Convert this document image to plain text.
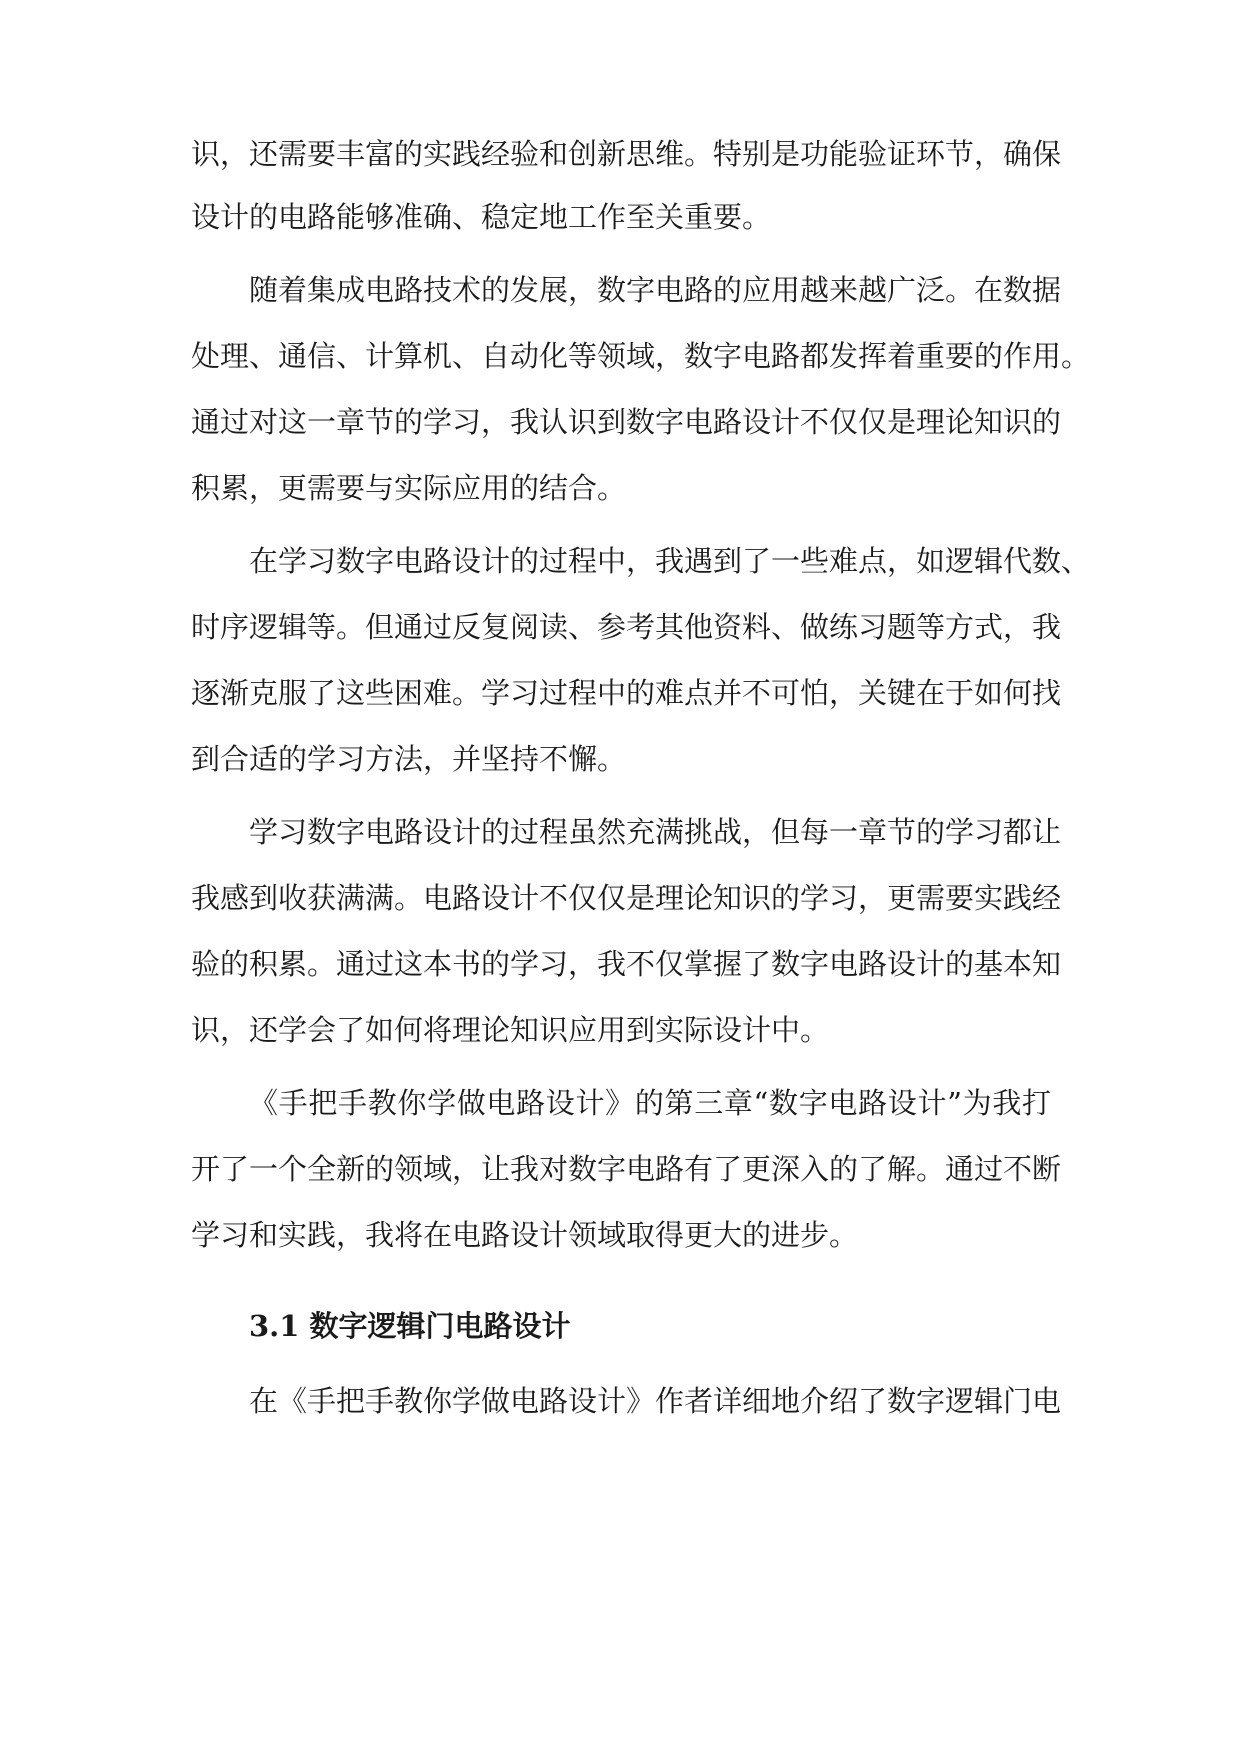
识，还需要丰富的实践经验和创新思维。特别是功能验证环节，确保
设计的电路能够准确、稳定地工作至关重要。
随着集成电路技术的发展，数字电路的应用越来越广泛。在数据
处理、通信、计算机、自动化等领域，数字电路都发挥着重要的作用。
通过对这一章节的学习，我认识到数字电路设计不仅仅是理论知识的
积累，更需要与实际应用的结合。
在学习数字电路设计的过程中，我遇到了一些难点，如逻辑代数、
时序逻辑等。但通过反复阅读、参考其他资料、做练习题等方式，我
逐渐克服了这些困难。学习过程中的难点并不可怕，关键在于如何找
到合适的学习方法，并坚持不懈。
学习数字电路设计的过程虽然充满挑战，但每一章节的学习都让
我感到收获满满。电路设计不仅仅是理论知识的学习，更需要实践经
验的积累。通过这本书的学习，我不仅掌握了数字电路设计的基本知
识，还学会了如何将理论知识应用到实际设计中。
《手把手教你学做电路设计》的第三章“数字电路设计”为我打
开了一个全新的领域，让我对数字电路有了更深入的了解。通过不断
学习和实践，我将在电路设计领域取得更大的进步。
3.1 数字逻辑门电路设计
在《手把手教你学做电路设计》作者详细地介绍了数字逻辑门电
